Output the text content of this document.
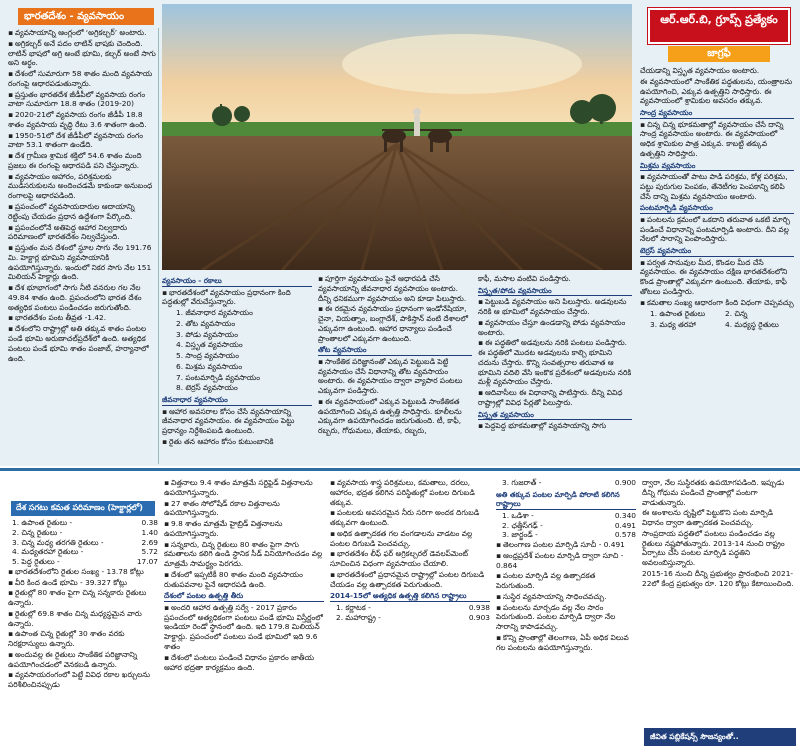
భారతదేశం - వ్యవసాయం	ఆర్.ఆర్.బి, గ్రూప్స్ ప్రత్యేకం
జాగ్రఫీ
▪ వ్యవసాయాన్ని ఆంగ్లంలో ‘అగ్రికల్చర్’ అంటారు.
▪ అగ్రికల్చర్ అనే పదం లాటిన్ భాషకు చెందింది. లాటిన్ భాషలో అగ్రి అంటే భూమి, కల్చర్ అంటే సాగు అని అర్థం.
▪ దేశంలో సుమారుగా 58 శాతం మంది వ్యవసాయ రంగంపై ఆధారపడుతున్నారు.
▪ ప్రస్తుతం భారతదేశ జీడీపీలో వ్యవసాయ రంగం వాటా సుమారుగా 18.8 శాతం (2019-20)
▪ 2020-21లో వ్యవసాయ రంగం జీడీపీ 18.8 శాతం వ్యవసాయ వృద్ధి రేటు 3.6 శాతంగా ఉంది.
▪ 1950-51లో దేశ జీడీపీలో వ్యవసాయ రంగం వాటా 53.1 శాతంగా ఉండేది.
▪ దేశ గ్రామీణ శ్రామిక శక్తిలో 54.6 శాతం మంది ప్రజలు ఈ రంగంపై ఆధారపడి పని చేస్తున్నారు.
▪ వ్యవసాయం ఆహారం, పరిశ్రమలకు ముడిసరుకులను అందించడమే కాకుండా అనుబంధ రంగాలపై ఆధారపడింది.
▪ ప్రపంచంలో వ్యవసాయదారుల ఆదాయాన్ని రెట్టింపు చేయడం ప్రధాన ఉద్దేశంగా పేర్కొంది.
▪ ప్రపంచంలోనే అతిపెద్ద ఆహార నిల్వదారు పరిమాణంలో భారతదేశం నిల్వచేస్తుంది.
▪ ప్రస్తుతం మన దేశంలో స్థూల సాగు నేల 191.76 మి. హెక్టార్ల భూమిని వ్యవసాయానికి ఉపయోగిస్తున్నారు. ఇందులో నికర సాగు నేల 151 మిలియన్ హెక్టార్లు ఉంది.
▪ దేశ భూభాగంలో సాగు నీటి వనరుల గల నేల 49.84 శాతం ఉంది. ప్రపంచంలోని భారత దేశం అత్యధిక పంటలు పండించడం జరుగుతోంది.
▪ భారతదేశం పంట తీవ్రత -1.42.
▪ దేశంలోని రాష్ట్రాల్లో అతి తక్కువ శాతం పంటల పండే భూమి అరుణాచల్‌ప్రదేశ్‌లో ఉంది. అత్యధిక పంటలు పండే భూమి శాతం పంజాబ్, హర్యానాలో ఉంది.
వ్యవసాయం - రకాలు
▪ భారతదేశంలో వ్యవసాయం ప్రధానంగా కింది పద్ధతుల్లో వేరుచేస్తున్నారు.
1. జీవనాధార వ్యవసాయం
2. తోట వ్యవసాయం
3. పోడు వ్యవసాయం
4. విస్తృత వ్యవసాయం
5. సాంద్ర వ్యవసాయం
6. మిశ్రమ వ్యవసాయం
7. పంటమార్పిడి వ్యవసాయం
8. టెర్రస్ వ్యవసాయం
జీవనాధార వ్యవసాయం
▪ ఆహార అవసరాల కోసం చేసే వ్యవసాయాన్ని జీవనాధార వ్యవసాయం. ఈ వ్యవసాయం పెట్టు ప్రధాన్యం నిర్దేశింపబడి ఉంటుంది.
▪ రైతు తన ఆహారం కోసం కుటుంబానికి
▪ పూర్తిగా వ్యవసాయం పైనే ఆధారపడి చేసే వ్యవసాయాన్ని జీవనాధార వ్యవసాయం అంటారు. దీన్ని ధనికముగా వ్యవసాయం అని కూడా పిలుస్తారు.
▪ ఈ రకమైన వ్యవసాయం ప్రధానంగా ఇండోనేషియా, చైనా, వియత్నాం, బంగ్లాదేశ్, పాకిస్తాన్ వంటి దేశాలలో ఎక్కువగా ఉంటుంది. ఆహార ధాన్యాలు పండించే ప్రాంతాలలో ఎక్కువగా ఉంటుంది.
తోట వ్యవసాయం
▪ సాంకేతిక పరిజ్ఞానంతో ఎక్కువ పెట్టుబడి పెట్టి వ్యవసాయం చేసే విధానాన్ని తోట వ్యవసాయం అంటారు. ఈ వ్యవసాయం ద్వారా వ్యాపార పంటలు ఎక్కువగా పండిస్తారు.
▪ ఈ వ్యవసాయంలో ఎక్కువ పెట్టుబడి సాంకేతికత ఉపయోగించి ఎక్కువ ఉత్పత్తి సాధిస్తారు. కూలీలను ఎక్కువగా ఉపయోగించడం జరుగుతుంది. టీ, కాఫీ, రబ్బరు, గోధుమలు, తేయాకు, రబ్బరు,
కాఫీ, మసాల వంటివి పండిస్తారు.
విస్తృత/పోడు వ్యవసాయం
▪ పెట్టుబడి వ్యవసాయం అని పిలుస్తారు. అడవులను నరికి ఆ భూమిలో వ్యవసాయం చేస్తారు.
▪ వ్యవసాయం చేస్తూ ఉండడాన్ని పోడు వ్యవసాయం అంటారు.
▪ ఈ పద్ధతిలో అడవులను నరికి పంటలు పండిస్తారు. ఈ పద్ధతిలో మొదట అడవులను కాల్చి భూమిని చదును చేస్తారు. కొన్ని సంవత్సరాల తరువాత ఆ భూమిని వదిలి వేసి ఇంకొక ప్రదేశంలో అడవులను నరికి మళ్లీ వ్యవసాయం చేస్తారు.
▪ ఆదివాసీలు ఈ విధానాన్ని పాటిస్తారు. దీన్ని వివిధ రాష్ట్రాల్లో వివిధ పేర్లతో పిలుస్తారు.
విస్తృత వ్యవసాయం
▪ పెద్దపెద్ద భూకమతాల్లో వ్యవసాయాన్ని సాగు
చేయడాన్ని విస్తృత వ్యవసాయం అంటారు.
ఈ వ్యవసాయంలో సాంకేతిక పద్ధతులను, యంత్రాలను ఉపయోగించి, ఎక్కువ ఉత్పత్తిని సాధిస్తారు. ఈ వ్యవసాయంలో శ్రామికుల అవసరం తక్కువ.
సాంద్ర వ్యవసాయం
▪ చిన్న చిన్న భూకమతాల్లో వ్యవసాయం చేసే దాన్ని సాంద్ర వ్యవసాయం అంటారు. ఈ వ్యవసాయంలో ఆధిక శ్రామికుల పాత్ర ఎక్కువ. కాబట్టి తక్కువ ఉత్పత్తిని సాధిస్తారు.
మిశ్రమ వ్యవసాయం
▪ వ్యవసాయంతో పాటు పాడి పరిశ్రమ, కోళ్ల పరిశ్రమ, పట్టు పురుగుల పెంపకం, తేనెటీగల పెంపకాన్ని కలిపి చేసే దాన్ని మిశ్రమ వ్యవసాయం అంటారు.
పంటమార్పిడి వ్యవసాయం
▪ పంటలను క్రమంలో ఒకదాని తరువాత ఒకటి మార్చి పండించే విధానాన్ని పంటమార్పిడి అంటారు. దీని వల్ల నేలలో సారాన్ని పెంపొందిస్తారు.
టెర్రస్ వ్యవసాయం
▪ పర్వత సానువుల మీద, కొండల మీద చేసే వ్యవసాయం. ఈ వ్యవసాయం దక్షిణ భారతదేశంలోని కొండ ప్రాంతాల్లో ఎక్కువగా ఉంటుంది. తేయాకు, కాఫీ తోటలు పండిస్తారు.
▪ కమతాల సంఖ్య ఆధారంగా కింది విధంగా చెప్పవచ్చు
1. ఉపాంత రైతులు	2. చిన్న
3. మధ్య తరహా	4. మధ్యస్థ రైతులు
దేశ సగటు కమత పరిమాణం (హెక్టార్లలో)
1. ఉపాంత రైతులు -	0.38
2. చిన్న రైతులు -	1.40
3. చిన్న మధ్య తరగతి రైతులు -	2.69
4. మధ్యతరహా రైతులు -	5.72
5. పెద్ద రైతులు -	17.07
▪ భారతదేశంలోని రైతుల సంఖ్య - 13.78 కోట్లు
▪ వీరి కింద ఉండే భూమి - 39.327 కోట్లు
▪ రైతుల్లో 80 శాతం పైగా చిన్న సన్నకారు రైతులు ఉన్నారు.
▪ రైతుల్లో 69.8 శాతం చిన్న మధ్యస్థమైన వారు ఉన్నారు.
▪ ఉపాంత చిన్న రైతుల్లో 30 శాతం వరకు నిరక్షరాస్యులు ఉన్నారు.
▪ అందువల్ల ఈ రైతులు సాంకేతిక పరిజ్ఞానాన్ని ఉపయోగించడంలో వెనకబడి ఉన్నారు.
▪ వ్యవసాయరంగంలో పెట్టే వివిధ రకాల ఖర్చులను పరిశీలించినప్పుడు
▪ విత్తనాలు 9.4 శాతం మాత్రమే సర్టిఫైడ్ విత్తనాలను ఉపయోగిస్తున్నారు.
▪ 27 శాతం సోలోషేడ్ రకాల విత్తనాలను ఉపయోగిస్తున్నారు.
▪ 9.8 శాతం మాత్రమే హైబ్రిడ్ విత్తనాలను ఉపయోగిస్తున్నారు.
▪ సన్నకారు, చిన్న రైతులు 80 శాతం పైగా సాగు కమతాలను కలిగి ఉండి స్థానిక సీడ్ వినియోగించడం వల్ల మాత్రమే సామర్థ్యం పెరగదు.
▪ దేశంలో ఇప్పటికీ 80 శాతం మంది వ్యవసాయం రుతుపవనాల పైనే ఆధారపడి ఉంది.
దేశంలో పంటల ఉత్పత్తి తీరు
▪ అందరి ఆహార ఉత్పత్తి సర్వే - 2017 ప్రకారం ప్రపంచంలో అత్యధికంగా పంటలు పండే భూమి విస్తీర్ణంలో ఇండియా రెండో స్థానంలో ఉంది. ఇది 179.8 మిలియన్ హెక్టార్లు. ప్రపంచంలో పంటలు పండే భూమిలో ఇది 9.6 శాతం
▪ దేశంలో పంటలు పండించే విధానం ప్రకారం జాతీయ ఆహార భద్రతా కార్యక్రమం ఉంది.
▪ వ్యవసాయ శాస్త్ర పరిశ్రమలు, కమతాలు, దరలు, ఆహారం, భద్రత కలిగిన పరిస్థితుల్లో పంటల దిగుబడి తక్కువ.
▪ పంటలకు అవసరమైన నీరు సరిగా అందక దిగుబడి తక్కువగా ఉంటుంది.
▪ అధిక ఉత్పాదకత గల వంగడాలను వాడటం వల్ల పంటల దిగుబడి పెంచవచ్చు.
▪ భారతదేశం లీఫ్ ఫర్ అగ్రికల్చరల్ డెవలప్‌మెంట్ సూచించిన విధంగా వ్యవసాయం చేయాలి.
▪ భారతదేశంలో ప్రధానమైన రాష్ట్రాల్లో పంటల దిగుబడి చేయడం వల్ల ఉత్పాదకత పెరుగుతుంది.
2014-15లో అత్యధిక ఉత్పత్తి కలిగిన రాష్ట్రాలు
1. కర్ణాటక -	0.938
2. మహారాష్ట్ర -	0.903
3. గుజరాత్ -	0.900
అతి తక్కువ పంటల మార్పిడి పోరాటి కలిగిన రాష్ట్రాలు
1. ఒడిశా -	0.340
2. ఛత్తీస్‌గఢ్ -	0.491
3. జార్ఖండ్ -	0.578
▪ తెలంగాణ పంటల మార్పిడి సూచీ - 0.491
▪ ఆంధ్రప్రదేశ్ పంటల మార్పిడి ద్వారా సూచి - 0.864
▪ పంటల మార్పిడి వల్ల ఉత్పాదకత పెరుగుతుంది.
▪ సుస్థిర వ్యవసాయాన్ని సాధించవచ్చు.
▪ పంటలను మార్చడం వల్ల నేల సారం పెరుగుతుంది. పంటల మార్పిడి ద్వారా నేల సారాన్ని కాపాడవచ్చు.
▪ కొన్ని ప్రాంతాల్లో తెలంగాణ, ఏపీ అధిక విలువ గల పంటలను ఉపయోగిస్తున్నారు.
ద్వారా, నేల సుస్థిరతకు ఉపయోగపడింది. ఇప్పుడు దీన్ని గోధుమ పండించే ప్రాంతాల్లో పంటగా వాడుతున్నారు.
ఈ అంశాలను దృష్టిలో పెట్టుకొని పంట మార్పిడి విధానం ద్వారా ఉత్పాదకత పెంచవచ్చు.
సాంప్రదాయ పద్ధతిలో పంటలు పండించడం వల్ల రైతులు నష్టపోతున్నారు. 2013-14 నుంచి రాష్ట్రం ఏర్పాటు చేసి పంటల మార్పిడి పద్ధతిని అవలంబిస్తున్నారు.
2015-16 నుంచి దీన్ని ప్రభుత్వం ప్రారంభించి 2021-22లో కేంద్ర ప్రభుత్వం రూ. 120 కోట్లు కేటాయించింది.
జీవిత పబ్లికేషన్స్ సౌజన్యంతో..
